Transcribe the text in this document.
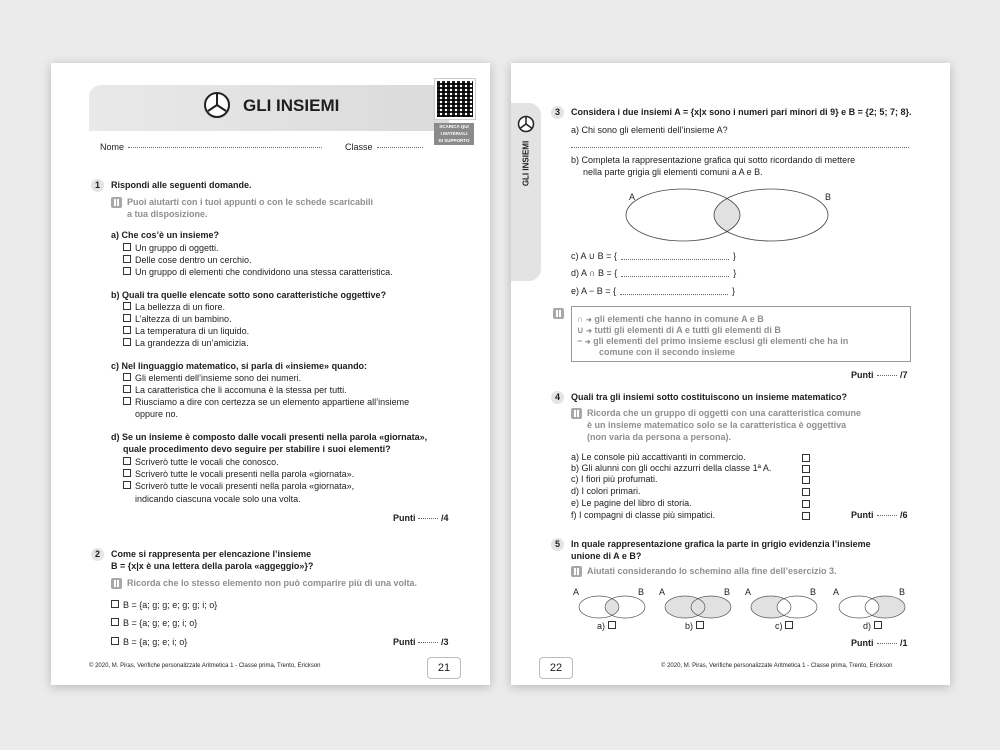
GLI INSIEMI
SCARICA QUI
I MATERIALI
DI SUPPORTO
Nome	Classe
1	Rispondi alle seguenti domande.
Puoi aiutarti con i tuoi appunti o con le schede scaricabili
a tua disposizione.
a) Che cos’è un insieme?
Un gruppo di oggetti.
Delle cose dentro un cerchio.
Un gruppo di elementi che condividono una stessa caratteristica.
b) Quali tra quelle elencate sotto sono caratteristiche oggettive?
La bellezza di un fiore.
L’altezza di un bambino.
La temperatura di un liquido.
La grandezza di un’amicizia.
c) Nel linguaggio matematico, si parla di «insieme» quando:
Gli elementi dell’insieme sono dei numeri.
La caratteristica che li accomuna è la stessa per tutti.
Riusciamo a dire con certezza se un elemento appartiene all’insieme
oppure no.
d) Se un insieme è composto dalle vocali presenti nella parola «giornata»,
quale procedimento devo seguire per stabilire i suoi elementi?
Scriverò tutte le vocali che conosco.
Scriverò tutte le vocali presenti nella parola «giornata».
Scriverò tutte le vocali presenti nella parola «giornata»,
indicando ciascuna vocale solo una volta.
Punti	/4
2	Come si rappresenta per elencazione l’insieme
B = {x|x è una lettera della parola «aggeggio»}?
Ricorda che lo stesso elemento non può comparire più di una volta.
B = {a; g; g; e; g; g; i; o}
B = {a; g; e; g; i; o}
B = {a; g; e; i; o}	Punti	/3
© 2020, M. Piras, Verifiche personalizzate Aritmetica 1 - Classe prima, Trento, Erickson	21
GLI INSIEMI
3	Considera i due insiemi A = {x|x sono i numeri pari minori di 9} e B = {2; 5; 7; 8}.
a) Chi sono gli elementi dell’insieme A?
b) Completa la rappresentazione grafica qui sotto ricordando di mettere
nella parte grigia gli elementi comuni a A e B.
A	B
c) A ∪ B = {	}
d) A ∩ B = {	}
e) A − B = {	}
∩ ➜ gli elementi che hanno in comune A e B
∪ ➜ tutti gli elementi di A e tutti gli elementi di B
− ➜ gli elementi del primo insieme esclusi gli elementi che ha in
comune con il secondo insieme
Punti	/7
4	Quali tra gli insiemi sotto costituiscono un insieme matematico?
Ricorda che un gruppo di oggetti con una caratteristica comune
è un insieme matematico solo se la caratteristica è oggettiva
(non varia da persona a persona).
a) Le console più accattivanti in commercio.
b) Gli alunni con gli occhi azzurri della classe 1ª A.
c) I fiori più profumati.
d) I colori primari.
e) Le pagine del libro di storia.
f) I compagni di classe più simpatici.	Punti	/6
5	In quale rappresentazione grafica la parte in grigio evidenzia l’insieme
unione di A e B?
Aiutati considerando lo schemino alla fine dell’esercizio 3.
A	B A	B A	B A	B
a)	b)	c)	d)
Punti	/1
22	© 2020, M. Piras, Verifiche personalizzate Aritmetica 1 - Classe prima, Trento, Erickson
